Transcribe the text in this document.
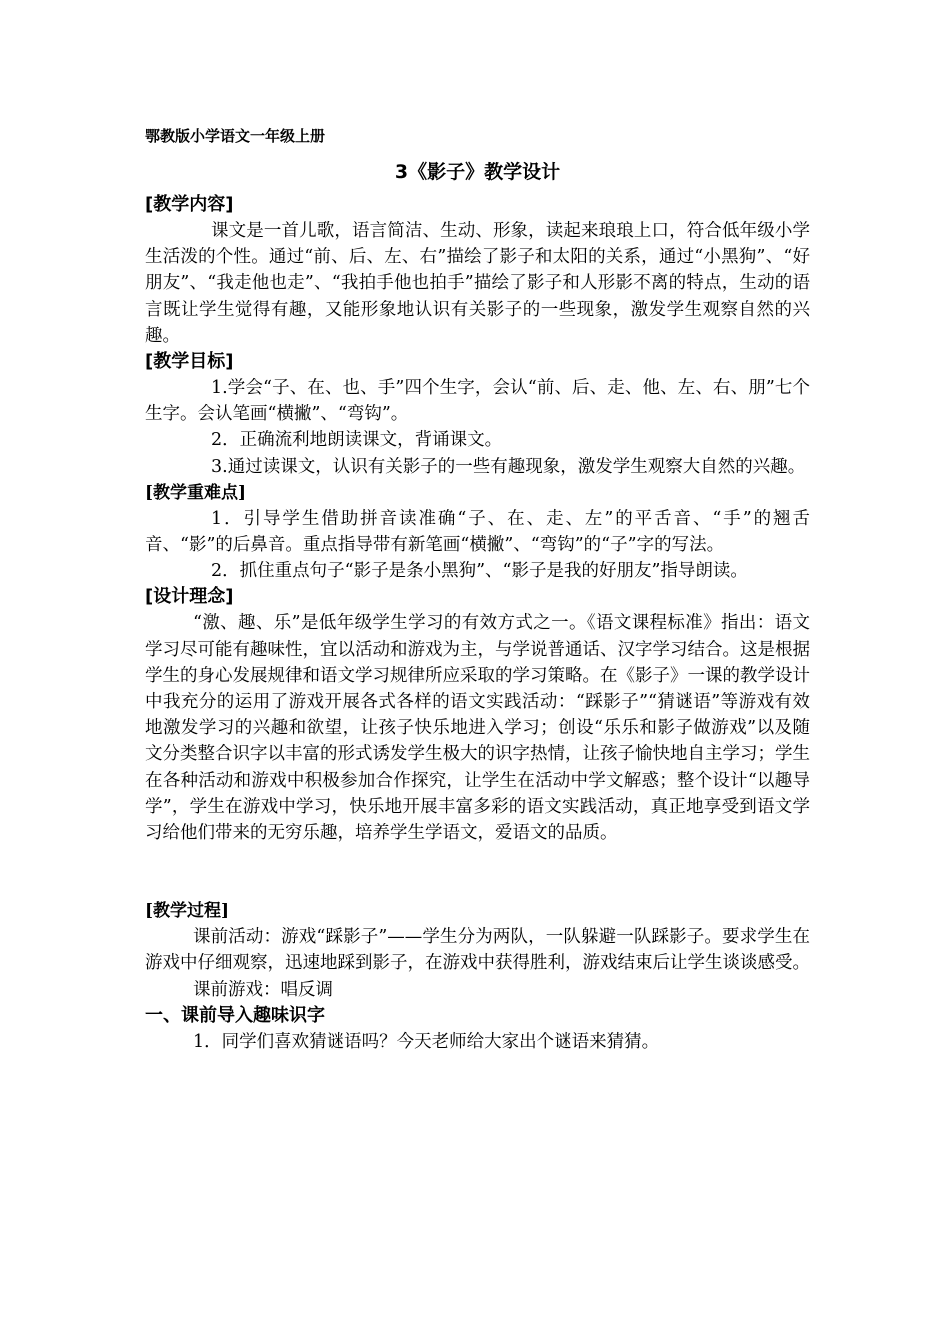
鄂教版小学语文一年级上册

3《影子》教学设计
[教学内容]

课文是一首儿歌，语言简洁、生动、形象，读起来琅琅上口，符合低年级小学生活泼的个性。通过“前、后、左、右”描绘了影子和太阳的关系，通过“小黑狗”、“好朋友”、“我走他也走”、“我拍手他也拍手”描绘了影子和人形影不离的特点，生动的语言既让学生觉得有趣，又能形象地认识有关影子的一些现象，激发学生观察自然的兴趣。

[教学目标]

1.学会“子、在、也、手”四个生字，会认“前、后、走、他、左、右、朋”七个生字。会认笔画“横撇”、“弯钩”。

2．正确流利地朗读课文，背诵课文。

3.通过读课文，认识有关影子的一些有趣现象，激发学生观察大自然的兴趣。

[教学重难点]

1．引导学生借助拼音读准确“子、在、走、左”的平舌音、“手”的翘舌音、“影”的后鼻音。重点指导带有新笔画“横撇”、“弯钩”的“子”字的写法。

2．抓住重点句子“影子是条小黑狗”、“影子是我的好朋友”指导朗读。

[设计理念]

“激、趣、乐”是低年级学生学习的有效方式之一。《语文课程标准》指出：语文学习尽可能有趣味性，宜以活动和游戏为主，与学说普通话、汉字学习结合。这是根据学生的身心发展规律和语文学习规律所应采取的学习策略。在《影子》一课的教学设计中我充分的运用了游戏开展各式各样的语文实践活动：“踩影子”“猜谜语”等游戏有效地激发学习的兴趣和欲望，让孩子快乐地进入学习；创设“乐乐和影子做游戏”以及随文分类整合识字以丰富的形式诱发学生极大的识字热情，让孩子愉快地自主学习；学生在各种活动和游戏中积极参加合作探究，让学生在活动中学文解惑；整个设计“以趣导学”，学生在游戏中学习，快乐地开展丰富多彩的语文实践活动，真正地享受到语文学习给他们带来的无穷乐趣，培养学生学语文，爱语文的品质。

[教学过程]

课前活动：游戏“踩影子”——学生分为两队，一队躲避一队踩影子。要求学生在游戏中仔细观察，迅速地踩到影子，在游戏中获得胜利，游戏结束后让学生谈谈感受。

课前游戏：唱反调

一、课前导入趣味识字

1．同学们喜欢猜谜语吗？今天老师给大家出个谜语来猜猜。
